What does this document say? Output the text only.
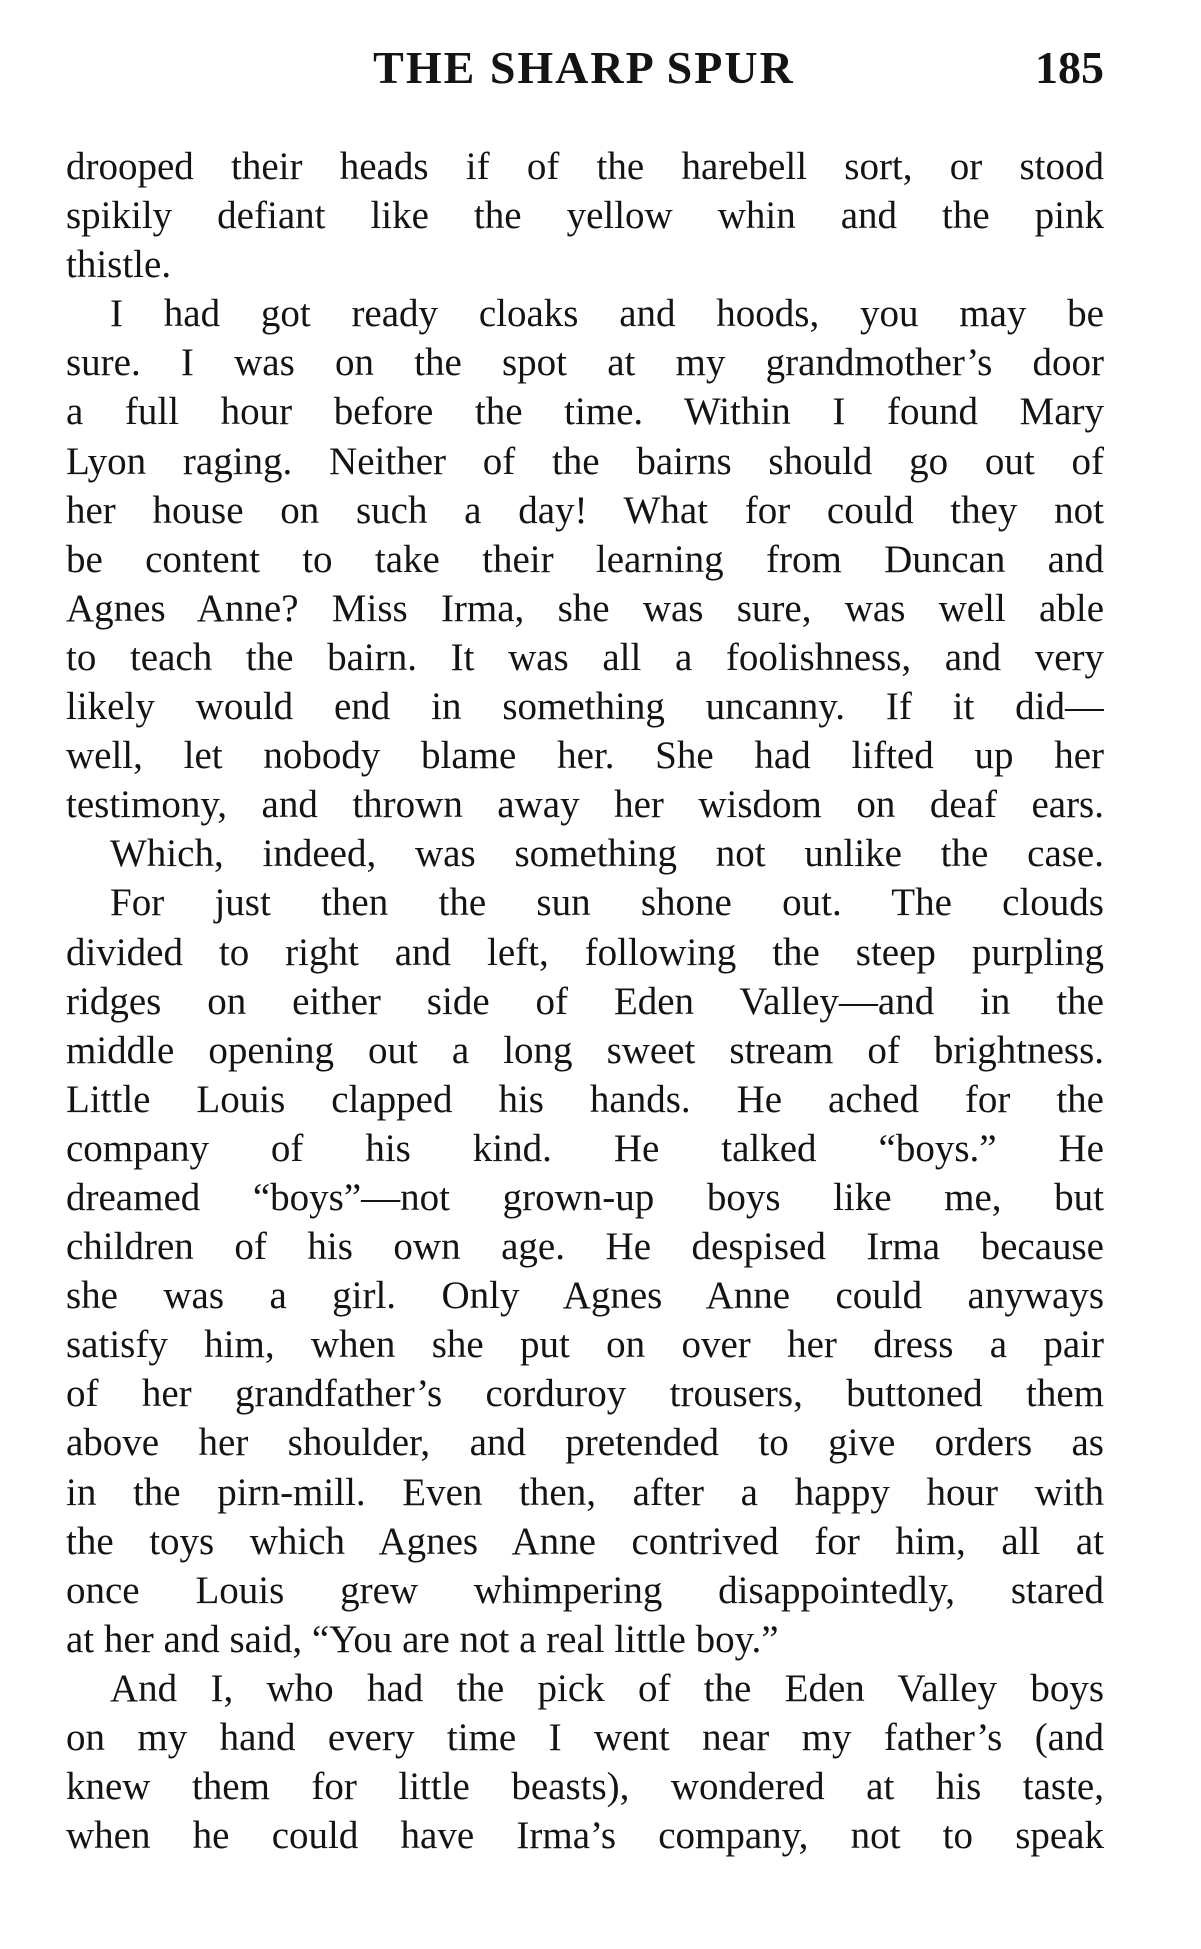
THE SHARP SPUR	185
drooped their heads if of the harebell sort, or stood
spikily defiant like the yellow whin and the pink
thistle.
I had got ready cloaks and hoods, you may be
sure. I was on the spot at my grandmother’s door
a full hour before the time. Within I found Mary
Lyon raging. Neither of the bairns should go out of
her house on such a day! What for could they not
be content to take their learning from Duncan and
Agnes Anne? Miss Irma, she was sure, was well able
to teach the bairn. It was all a foolishness, and very
likely would end in something uncanny. If it did—
well, let nobody blame her. She had lifted up her
testimony, and thrown away her wisdom on deaf ears.
Which, indeed, was something not unlike the case.
For just then the sun shone out. The clouds
divided to right and left, following the steep purpling
ridges on either side of Eden Valley—and in the
middle opening out a long sweet stream of brightness.
Little Louis clapped his hands. He ached for the
company of his kind. He talked “boys.” He
dreamed “boys”—not grown-up boys like me, but
children of his own age. He despised Irma because
she was a girl. Only Agnes Anne could anyways
satisfy him, when she put on over her dress a pair
of her grandfather’s corduroy trousers, buttoned them
above her shoulder, and pretended to give orders as
in the pirn-mill. Even then, after a happy hour with
the toys which Agnes Anne contrived for him, all at
once Louis grew whimpering disappointedly, stared
at her and said, “You are not a real little boy.”
And I, who had the pick of the Eden Valley boys
on my hand every time I went near my father’s (and
knew them for little beasts), wondered at his taste,
when he could have Irma’s company, not to speak
